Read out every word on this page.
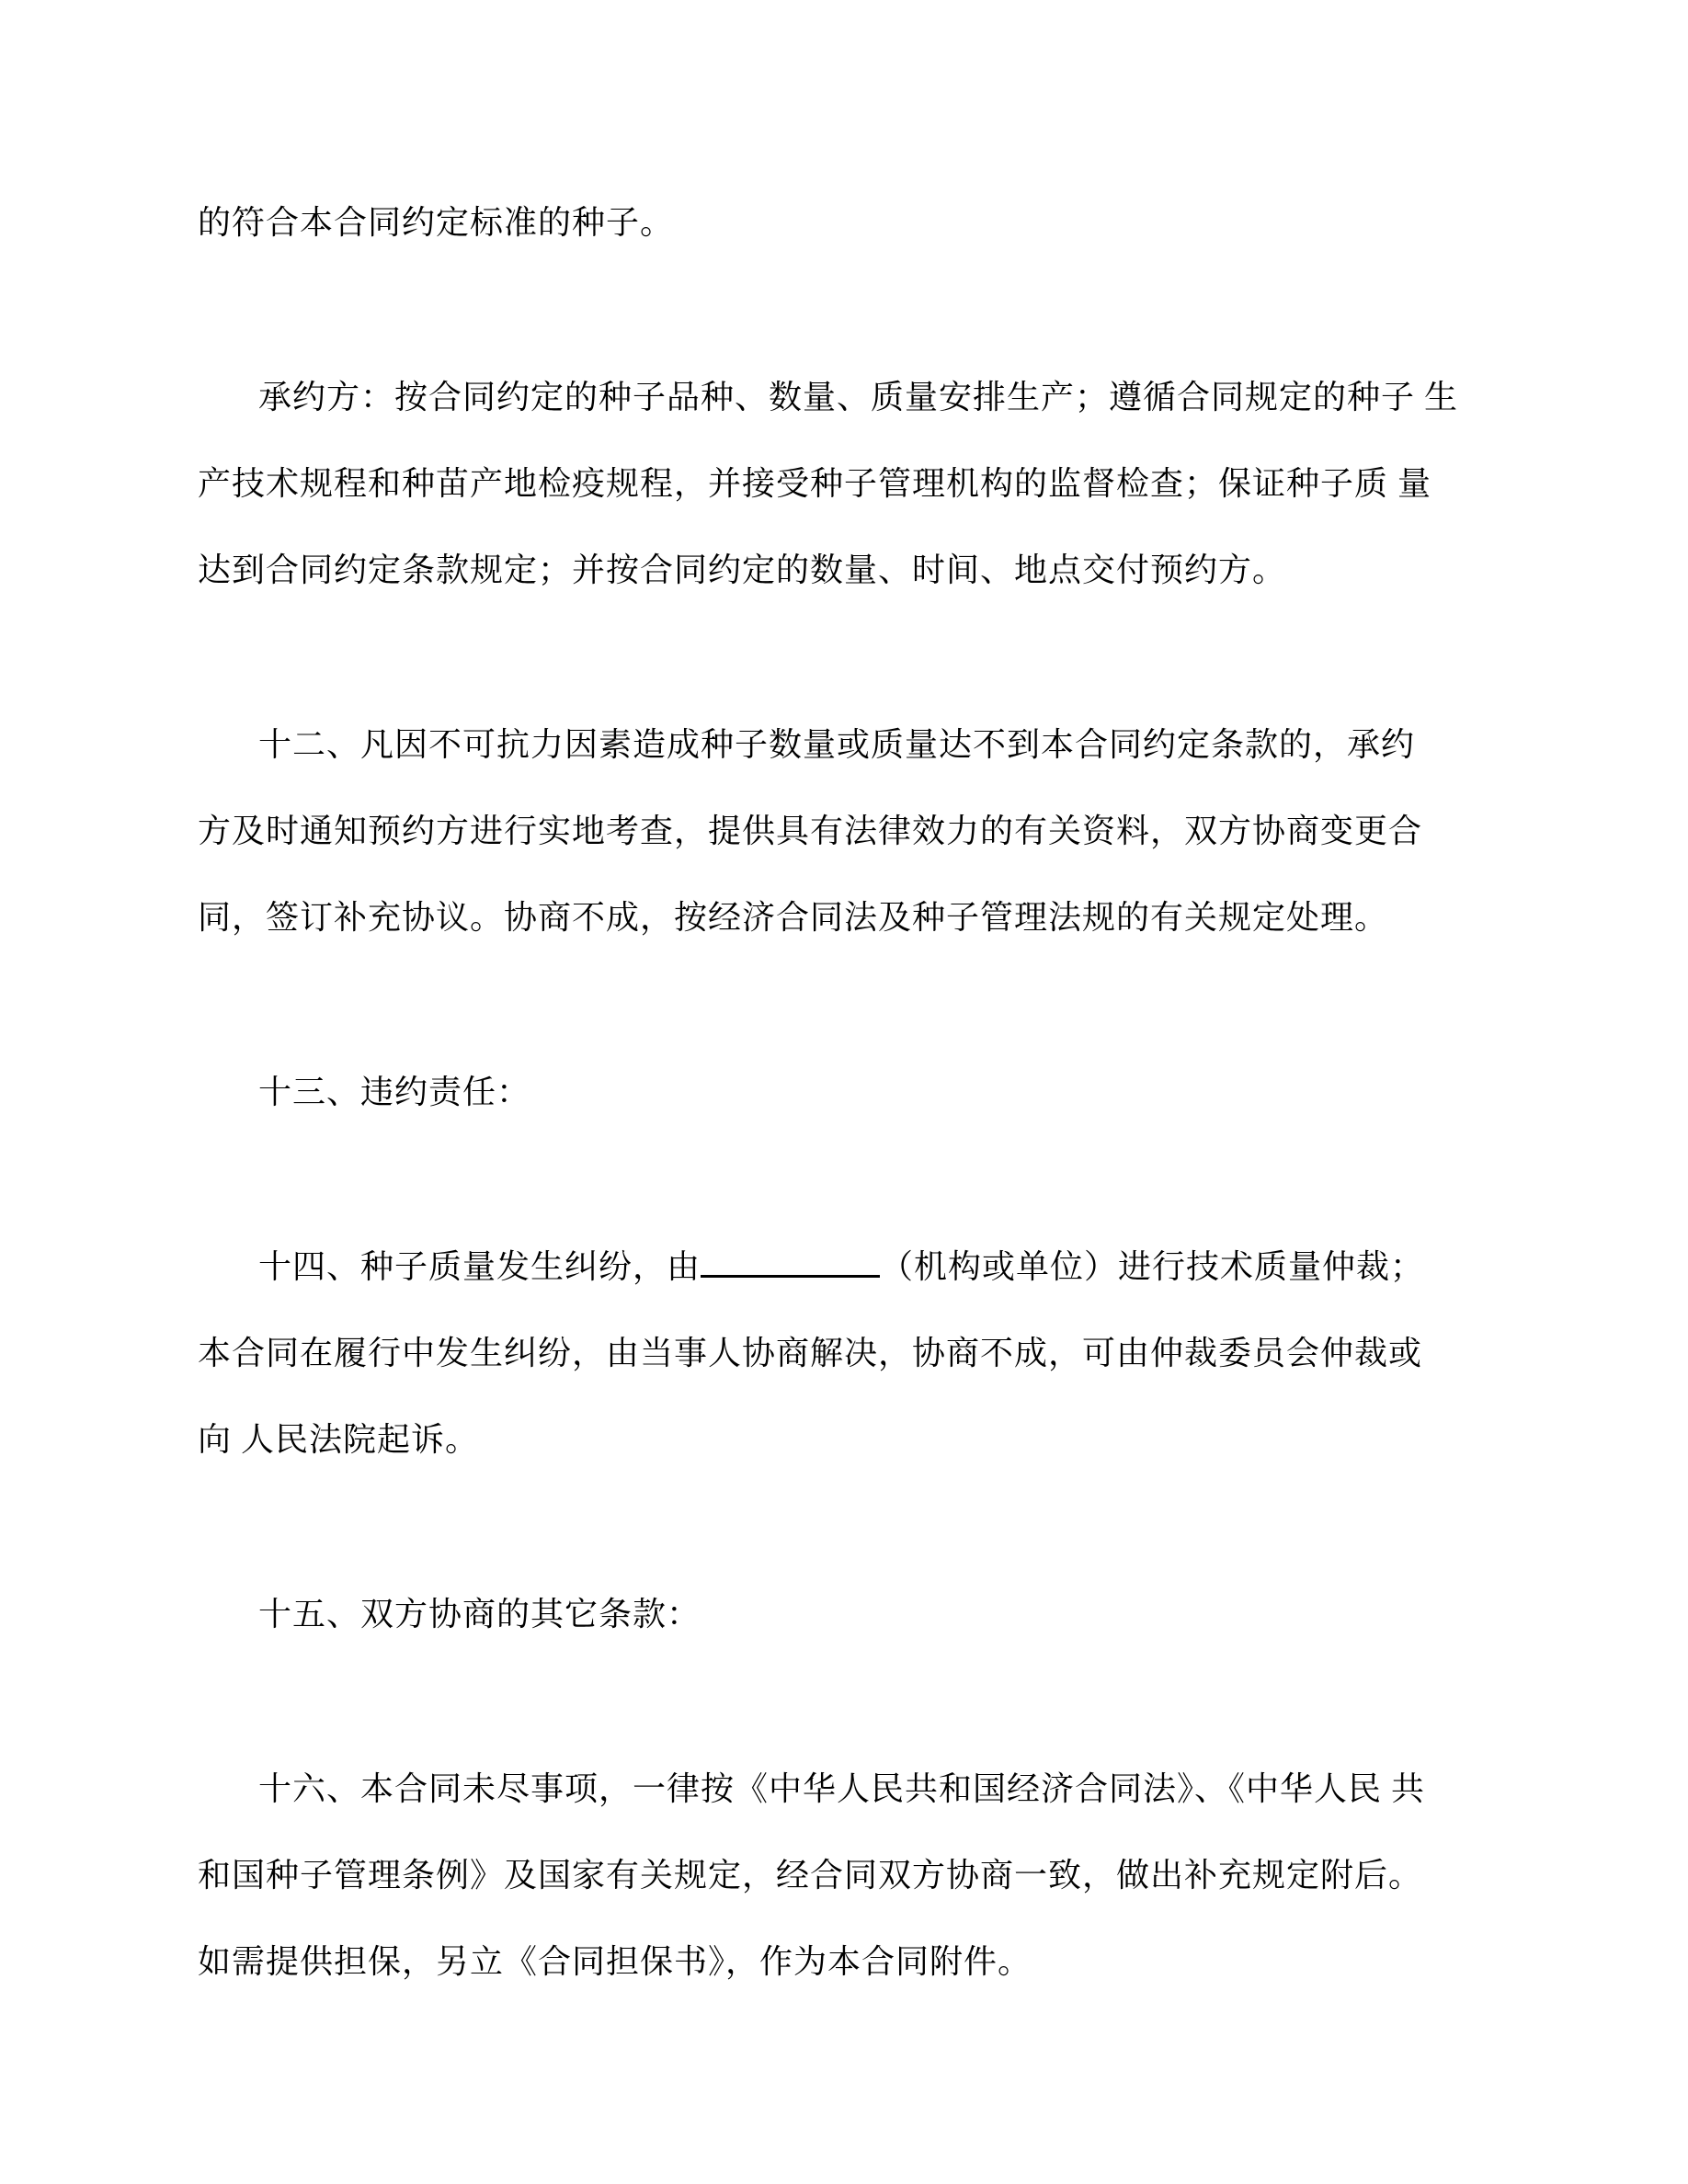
的符合本合同约定标准的种子。
承约方：按合同约定的种子品种、数量、质量安排生产；遵循合同规定的种子 生
产技术规程和种苗产地检疫规程，并接受种子管理机构的监督检查；保证种子质 量
达到合同约定条款规定；并按合同约定的数量、时间、地点交付预约方。
十二、凡因不可抗力因素造成种子数量或质量达不到本合同约定条款的，承约
方及时通知预约方进行实地考查，提供具有法律效力的有关资料，双方协商变更合
同，签订补充协议。协商不成，按经济合同法及种子管理法规的有关规定处理。
十三、违约责任：
十四、种子质量发生纠纷，由	（机构或单位）进行技术质量仲裁；
本合同在履行中发生纠纷，由当事人协商解决，协商不成，可由仲裁委员会仲裁或
向 人民法院起诉。
十五、双方协商的其它条款：
十六、本合同未尽事项，一律按《中华人民共和国经济合同法》、《中华人民 共
和国种子管理条例》及国家有关规定，经合同双方协商一致，做出补充规定附后。
如需提供担保，另立《合同担保书》，作为本合同附件。
